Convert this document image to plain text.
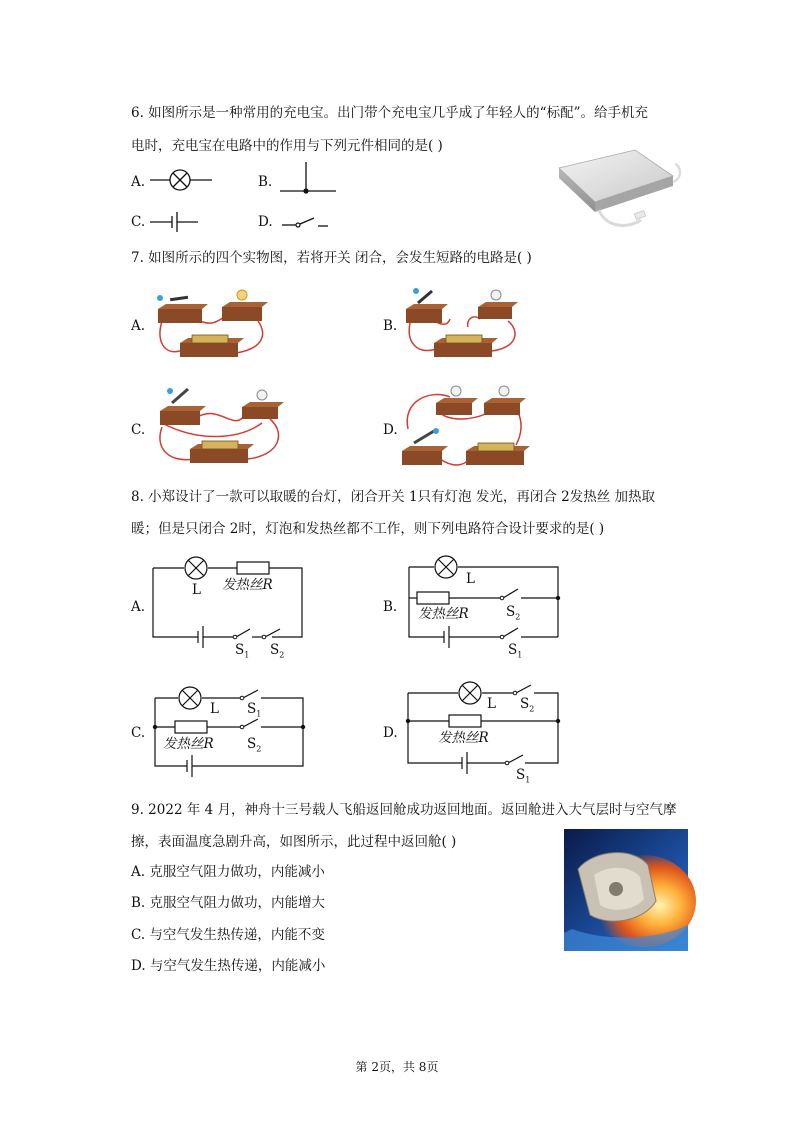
6. 如图所示是一种常用的充电宝。出门带个充电宝几乎成了年轻人的“标配”。给手机充
电时，充电宝在电路中的作用与下列元件相同的是( )
A.	B.
C.	D.
7. 如图所示的四个实物图，若将开关 闭合，会发生短路的电路是( )
A.	B.
C.	D.
8. 小郑设计了一款可以取暖的台灯，闭合开关 1只有灯泡 发光，再闭合 2发热丝 加热取
暖；但是只闭合 2时，灯泡和发热丝都不工作，则下列电路符合设计要求的是( )
A.
L 发热丝R
$S_1$ $S_2$
B.
L
发热丝R	$S_2$
$S_1$
C.
L $S_1$
发热丝R $S_2$
D.
L $S_2$
发热丝R
$S_1$
9. 2022 年 4 月，神舟十三号载人飞船返回舱成功返回地面。返回舱进入大气层时与空气摩
擦，表面温度急剧升高，如图所示，此过程中返回舱( )
A. 克服空气阻力做功，内能减小
B. 克服空气阻力做功，内能增大
C. 与空气发生热传递，内能不变
D. 与空气发生热传递，内能减小
第 2页，共 8页
